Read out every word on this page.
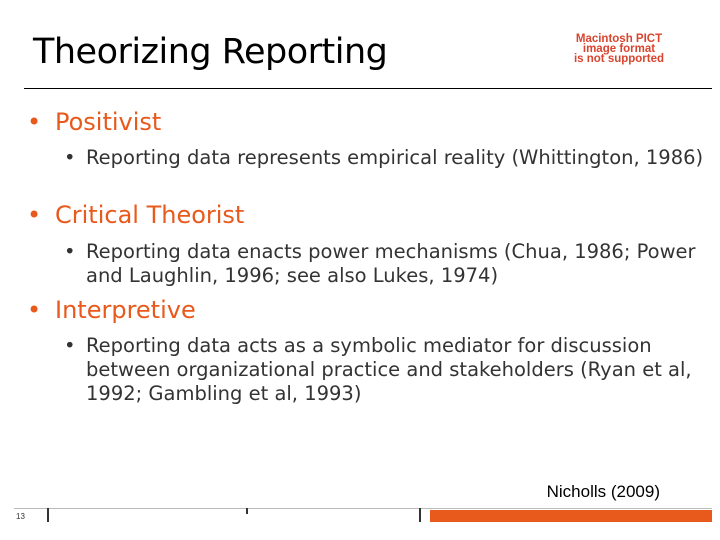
Theorizing Reporting	Macintosh PICT
image format
is not supported
• Positivist
• Reporting data represents empirical reality (Whittington, 1986)
• Critical Theorist
• Reporting data enacts power mechanisms (Chua, 1986; Power and Laughlin, 1996; see also Lukes, 1974)
• Interpretive
• Reporting data acts as a symbolic mediator for discussion between organizational practice and stakeholders (Ryan et al, 1992; Gambling et al, 1993)
Nicholls (2009)
13
